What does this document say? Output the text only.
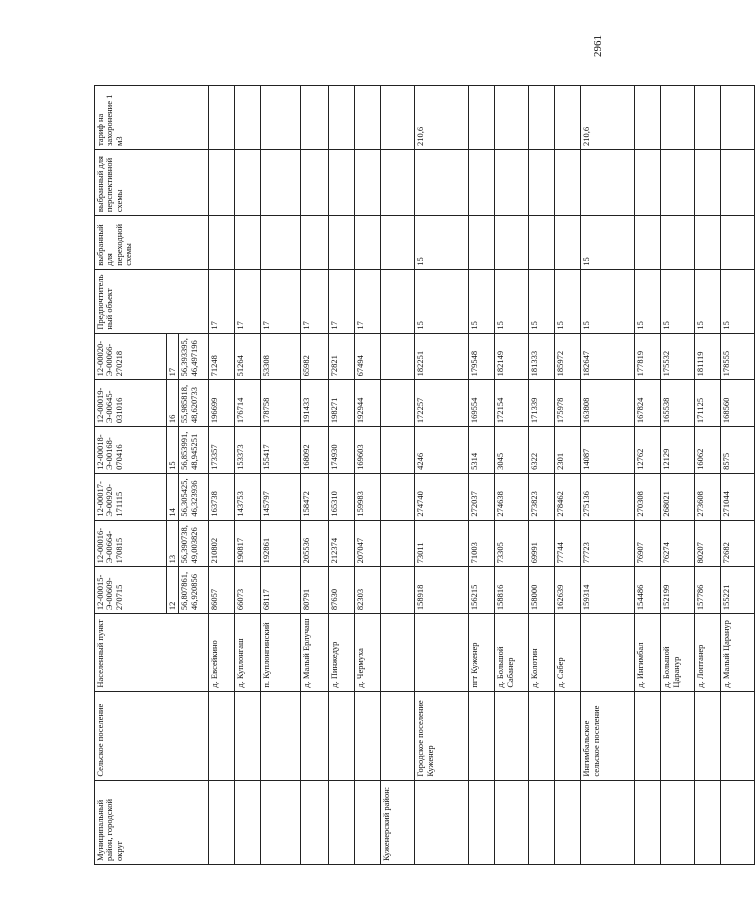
2961
Муниципальный район, городской округ	Сельское поселение	Населенный пункт	12-00015-Э-00609-270715	12-00016-Э-00664-170815	12-00017-Э-00920-171115	12-00018-Э-00168-070416	12-00019-Э-00645-031016	12-00020-Э-00066-270218	Предпочтительный объект	выбранный для переходной схемы	выбранный для перспективной схемы	тариф на захоронение 1 м3
			12	13	14	15	16	17				
			56,807861, 46,920856	56,390738, 49,003826	56,305425, 46,323936	56,853991, 48,945251	55,985818, 48,620733	56,393395, 46,497196				
		д. Евсейкино	86057	210802	163738	173357	196699	71248	17			
		д. Куплонгаш	66073	190817	143753	153373	176714	51264	17			
		п. Куплонгинский	68117	192861	145797	155417	178758	53308	17			
		д. Малый Ерлучаш	80791	205536	158472	168092	191433	65982	17			
		д. Пинжедур	87630	212374	165310	174930	198271	72821	17			
		д. Чермуха	82303	207047	159983	169603	192944	67494	17			
Куженерский район:												
	Городское поселение Куженер		158918	73011	274740	4246	172257	182251	15	15		210,6
		пгт Куженер	156215	71003	272037	5314	169554	179548	15			
		д. Большой Сабанер	158816	73305	274638	3045	172154	182149	15			
		д. Колотин	158000	69991	273823	6322	171339	181333	15			
		д. Сабер	162639	77744	278462	2301	175978	185972	15			
	Ингимбальское сельское поселение		159314	77723	275136	14087	163808	182647	15	15		210,6
		д. Ингимбал	154486	76907	270308	12762	167824	177819	15			
		д. Большой Царанур	152199	76274	268021	12129	165538	175532	15			
		д. Лоптанер	157786	80207	273608	16062	171125	181119	15			
		д. Малый Царанур	155221	72682	271044	8575	168560	178555	15			
